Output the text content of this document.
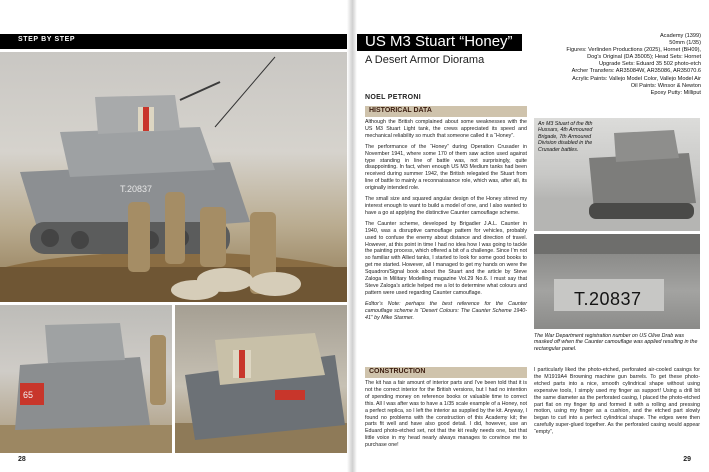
STEP BY STEP
T.20837
65
28
US M3 Stuart “Honey”
A Desert Armor Diorama
NOEL PETRONI
Academy (1399)
50mm (1/35)
Figures: Verlinden Productions (2025), Hornet (BH09),
Dog's Original (DA 35005); Head Sets: Hornet
Upgrade Sets: Eduard 35 502 photo-etch
Archer Transfers: AR35084W, AR35086, AR35070.6
Acrylic Paints: Vallejo Model Color, Vallejo Model Air
Oil Paints: Winsor & Newton
Epoxy Putty: Milliput
HISTORICAL DATA

Although the British complained about some weaknesses with the US M3 Stuart Light tank, the crews appreciated its speed and mechanical reliability so much that someone called it a “Honey”.

The performance of the “Honey” during Operation Crusader in November 1941, where some 170 of them saw action used against type standing in line of battle was, not surprisingly, quite disappointing. In fact, when enough US M3 Medium tanks had been received during summer 1942, the British relegated the Stuart from line of battle to mainly a reconnaissance role, which was, after all, its originally intended role.

The small size and squared angular design of the Honey stirred my interest enough to want to build a model of one, and I also wanted to have a go at applying the distinctive Caunter camouflage scheme.

The Caunter scheme, developed by Brigadier J.A.L. Caunter in 1940, was a disruptive camouflage pattern for vehicles, probably used to confuse the enemy about distance and direction of travel. However, at this point in time I had no idea how I was going to tackle the painting process, which offered a bit of a challenge. Since I’m not so familiar with Allied tanks, I started to look for some good books to get me started. However, all I managed to get my hands on were the Squadron/Signal book about the Stuart and the article by Steve Zaloga in Military Modelling magazine Vol.29 No.6. I must say that Steve Zaloga’s article helped me a lot to determine what colours and pattern were used regarding Caunter camouflage.

Editor’s Note: perhaps the best reference for the Caunter camouflage scheme is “Desert Colours: The Caunter Scheme 1940-41” by Mike Starmer.

An M3 Stuart of the 8th Hussars, 4th Armoured Brigade, 7th Armoured Division disabled in the Crusader battles.
T.20837
The War Department registration number on US Olive Drab was masked off when the Caunter camouflage was applied resulting in the rectangular panel.
CONSTRUCTION

The kit has a fair amount of interior parts and I’ve been told that it is not the correct interior for the British versions, but I had no intention of spending money on reference books or valuable time to correct this. All I was after was to have a 1/35 scale example of a Honey, not a perfect replica, so I left the interior as supplied by the kit. Anyway, I found no problems with the construction of this Academy kit; the parts fit well and have also good detail. I did, however, use an Eduard photo-etched set, not that the kit really needs one, but that little voice in my head nearly always manages to convince me to purchase one!

I particularly liked the photo-etched, perforated air-cooled casings for the M1919A4 Browning machine gun barrels. To get these photo-etched parts into a nice, smooth cylindrical shape without using expensive tools, I simply used my finger as support! Using a drill bit the same diameter as the perforated casing, I placed the photo-etched part flat on my finger tip and formed it with a rolling and pressing motion, using my finger as a cushion, and the etched part slowly began to curl into a perfect cylindrical shape. The edges were then carefully super-glued together. As the perforated casing would appear “empty”,

29
